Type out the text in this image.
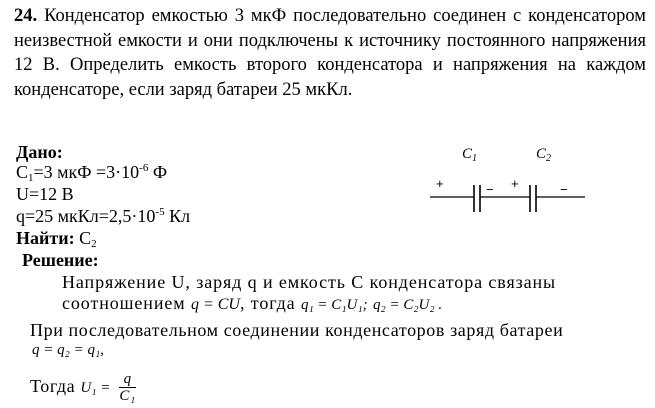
24. Конденсатор емкостью 3 мкФ последовательно соединен с конденсатором неизвестной емкости и они подключены к источнику постоянного напряжения 12 В. Определить емкость второго конденсатора и напряжения на каждом конденсаторе, если заряд батареи 25 мкКл.
Дано:
$C_1=3$ мкФ $=3\cdot 10^{-6}$ Ф
U=12 В
q=25 $мкКл=2,5\cdot 10^{-5}$ Кл
Найти: $C_2$
Решение:
Напряжение U, заряд q и емкость C конденсатора связаны
соотношением q = CU, тогда q₁ = C₁U₁; q₂ = C₂U₂ .
При последовательном соединении конденсаторов заряд батареи
q = q₂ = q₁,
Тогда $U_1 = \frac{q}{\text{C₁}}$
$C_1$	$C_2$
+	− +	−
